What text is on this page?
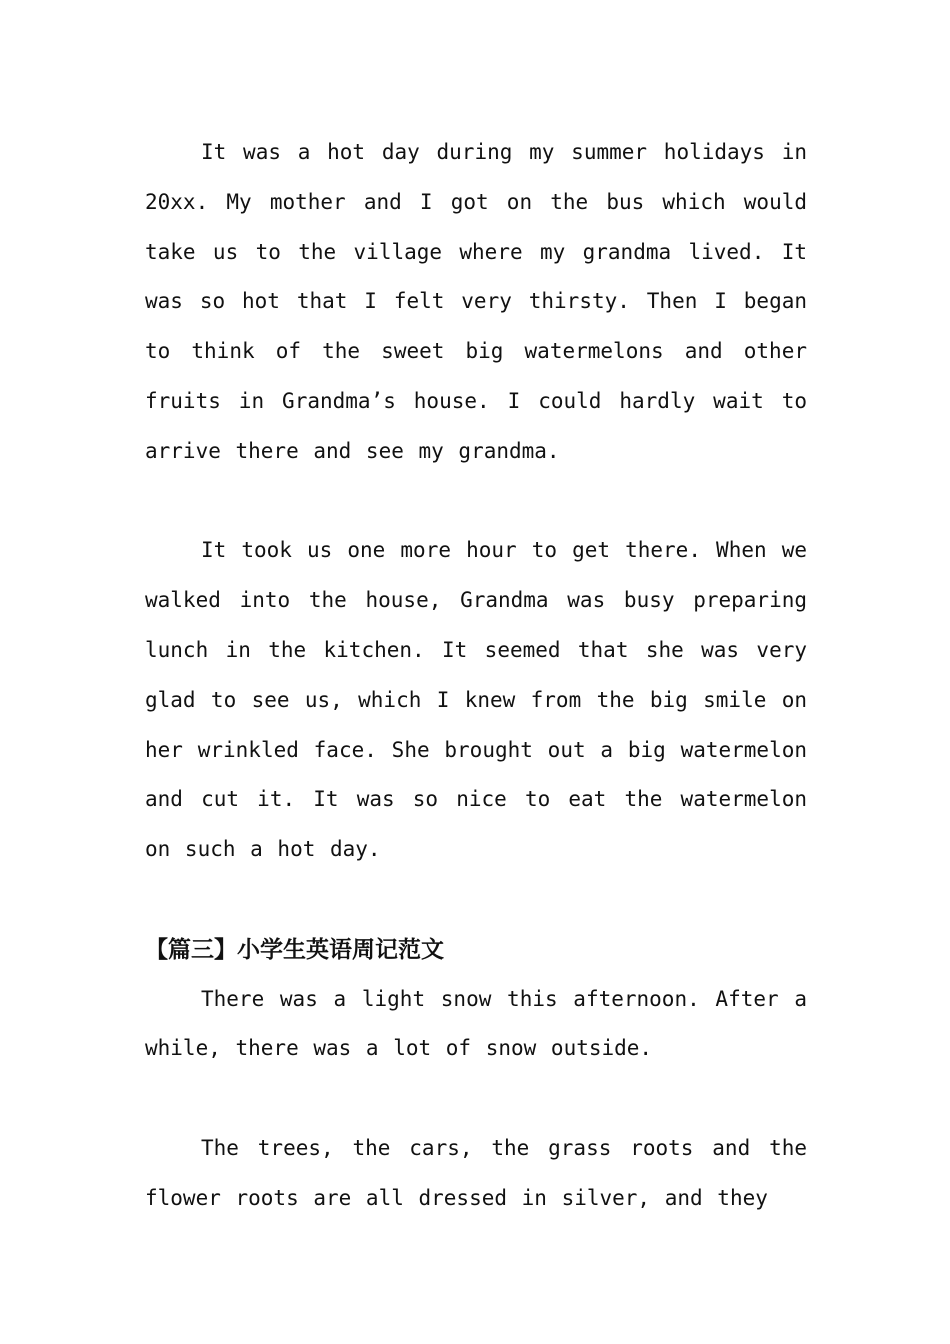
It was a hot day during my summer holidays in 20xx. My mother and I got on the bus which would take us to the village where my grandma lived. It was so hot that I felt very thirsty. Then I began to think of the sweet big watermelons and other fruits in Grandma’s house. I could hardly wait to arrive there and see my grandma.

It took us one more hour to get there. When we walked into the house, Grandma was busy preparing lunch in the kitchen. It seemed that she was very glad to see us, which I knew from the big smile on her wrinkled face. She brought out a big watermelon and cut it. It was so nice to eat the watermelon on such a hot day.

【篇三】小学生英语周记范文

There was a light snow this afternoon. After a while, there was a lot of snow outside.

The trees, the cars, the grass roots and the flower roots are all dressed in silver, and they
